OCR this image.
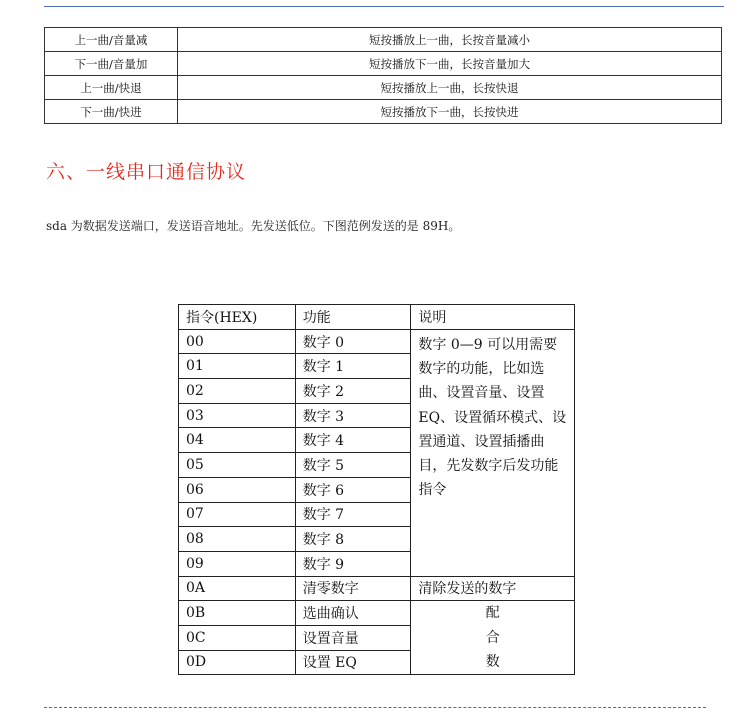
上一曲/音量减	短按播放上一曲，长按音量减小
下一曲/音量加	短按播放下一曲，长按音量加大
上一曲/快退	短按播放上一曲，长按快退
下一曲/快进	短按播放下一曲，长按快进
六、一线串口通信协议

sda 为数据发送端口，发送语音地址。先发送低位。下图范例发送的是 89H。

指令(HEX)	功能	说明
00	数字 0	数字 0—9 可以用需要数字的功能，比如选曲、设置音量、设置 EQ、设置循环模式、设置通道、设置插播曲目，先发数字后发功能指令
01	数字 1	
02	数字 2	
03	数字 3	
04	数字 4	
05	数字 5	
06	数字 6	
07	数字 7	
08	数字 8	
09	数字 9	
0A	清零数字	清除发送的数字
0B	选曲确认	配
合
数

0C	设置音量	
0D	设置 EQ	
